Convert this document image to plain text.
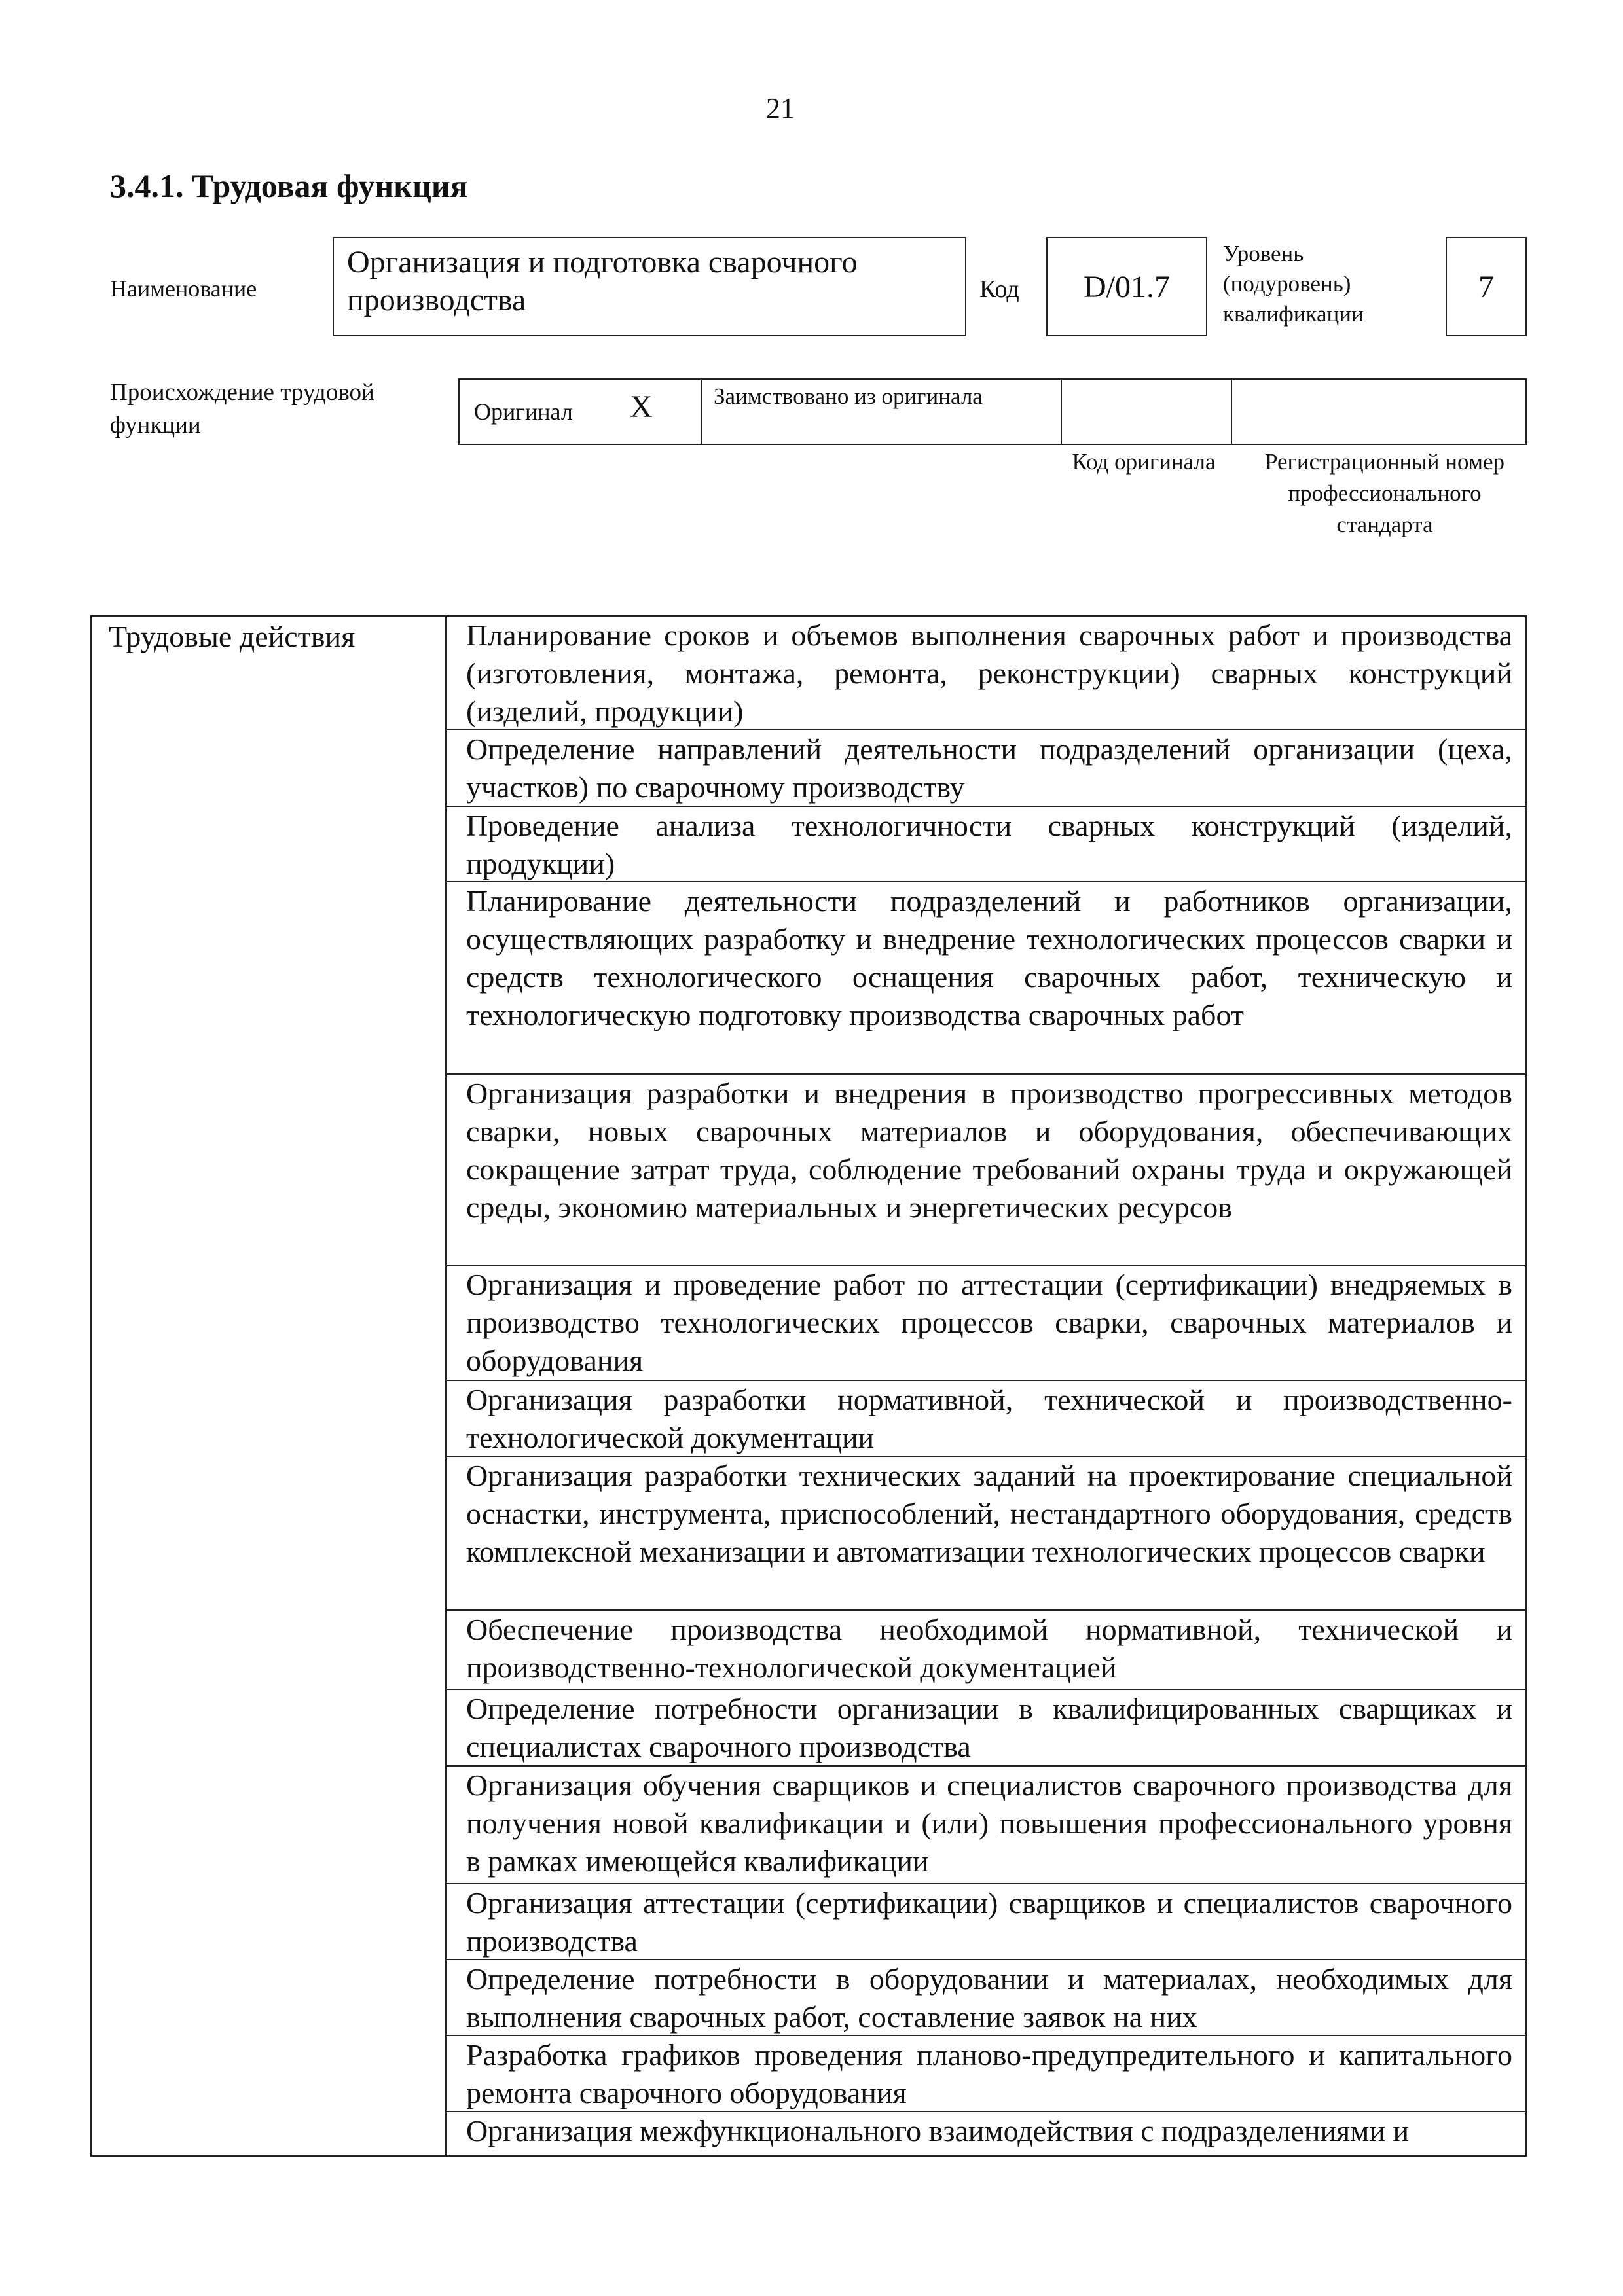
21
3.4.1. Трудовая функция
Наименование
Организация и подготовка сварочного производства	Код D/01.7
Уровень
(подуровень)
квалификации
7
Происхождение трудовой функции	Оригинал X	Заимствовано из оригинала
Код оригинала	Регистрационный номер профессионального стандарта
Трудовые действия	Планирование сроков и объемов выполнения сварочных работ и производства (изготовления, монтажа, ремонта, реконструкции) сварных конструкций (изделий, продукции)
Определение направлений деятельности подразделений организации (цеха, участков) по сварочному производству
Проведение анализа технологичности сварных конструкций (изделий, продукции)
Планирование деятельности подразделений и работников организации, осуществляющих разработку и внедрение технологических процессов сварки и средств технологического оснащения сварочных работ, техническую и технологическую подготовку производства сварочных работ
Организация разработки и внедрения в производство прогрессивных методов сварки, новых сварочных материалов и оборудования, обеспечивающих сокращение затрат труда, соблюдение требований охраны труда и окружающей среды, экономию материальных и энергетических ресурсов
Организация и проведение работ по аттестации (сертификации) внедряемых в производство технологических процессов сварки, сварочных материалов и оборудования
Организация разработки нормативной, технической и производственно-технологической документации
Организация разработки технических заданий на проектирование специальной оснастки, инструмента, приспособлений, нестандартного оборудования, средств комплексной механизации и автоматизации технологических процессов сварки
Обеспечение производства необходимой нормативной, технической и производственно-технологической документацией
Определение потребности организации в квалифицированных сварщиках и специалистах сварочного производства
Организация обучения сварщиков и специалистов сварочного производства для получения новой квалификации и (или) повышения профессионального уровня в рамках имеющейся квалификации
Организация аттестации (сертификации) сварщиков и специалистов сварочного производства
Определение потребности в оборудовании и материалах, необходимых для выполнения сварочных работ, составление заявок на них
Разработка графиков проведения планово-предупредительного и капитального ремонта сварочного оборудования
Организация межфункционального взаимодействия с подразделениями и
